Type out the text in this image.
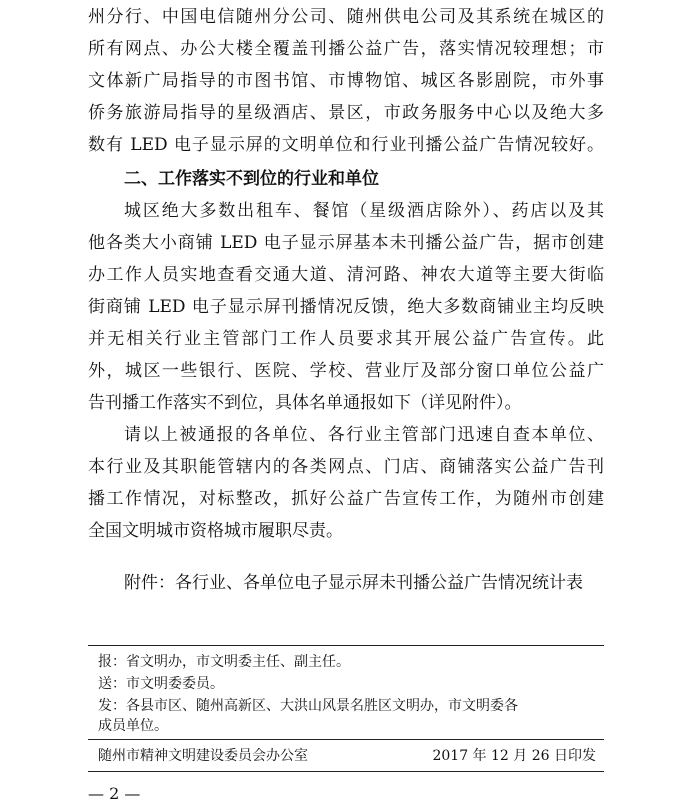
州分行、中国电信随州分公司、随州供电公司及其系统在城区的
所有网点、办公大楼全覆盖刊播公益广告，落实情况较理想；市
文体新广局指导的市图书馆、市博物馆、城区各影剧院，市外事
侨务旅游局指导的星级酒店、景区，市政务服务中心以及绝大多
数有 LED 电子显示屏的文明单位和行业刊播公益广告情况较好。
二、工作落实不到位的行业和单位
城区绝大多数出租车、餐馆（星级酒店除外）、药店以及其
他各类大小商铺 LED 电子显示屏基本未刊播公益广告，据市创建
办工作人员实地查看交通大道、清河路、神农大道等主要大街临
街商铺 LED 电子显示屏刊播情况反馈，绝大多数商铺业主均反映
并无相关行业主管部门工作人员要求其开展公益广告宣传。此
外，城区一些银行、医院、学校、营业厅及部分窗口单位公益广
告刊播工作落实不到位，具体名单通报如下（详见附件）。
请以上被通报的各单位、各行业主管部门迅速自查本单位、
本行业及其职能管辖内的各类网点、门店、商铺落实公益广告刊
播工作情况，对标整改，抓好公益广告宣传工作，为随州市创建
全国文明城市资格城市履职尽责。
附件：各行业、各单位电子显示屏未刊播公益广告情况统计表
报：省文明办，市文明委主任、副主任。
送：市文明委委员。
发：各县市区、随州高新区、大洪山风景名胜区文明办，市文明委各
成员单位。
随州市精神文明建设委员会办公室	2017 年 12 月 26 日印发
— 2 —
